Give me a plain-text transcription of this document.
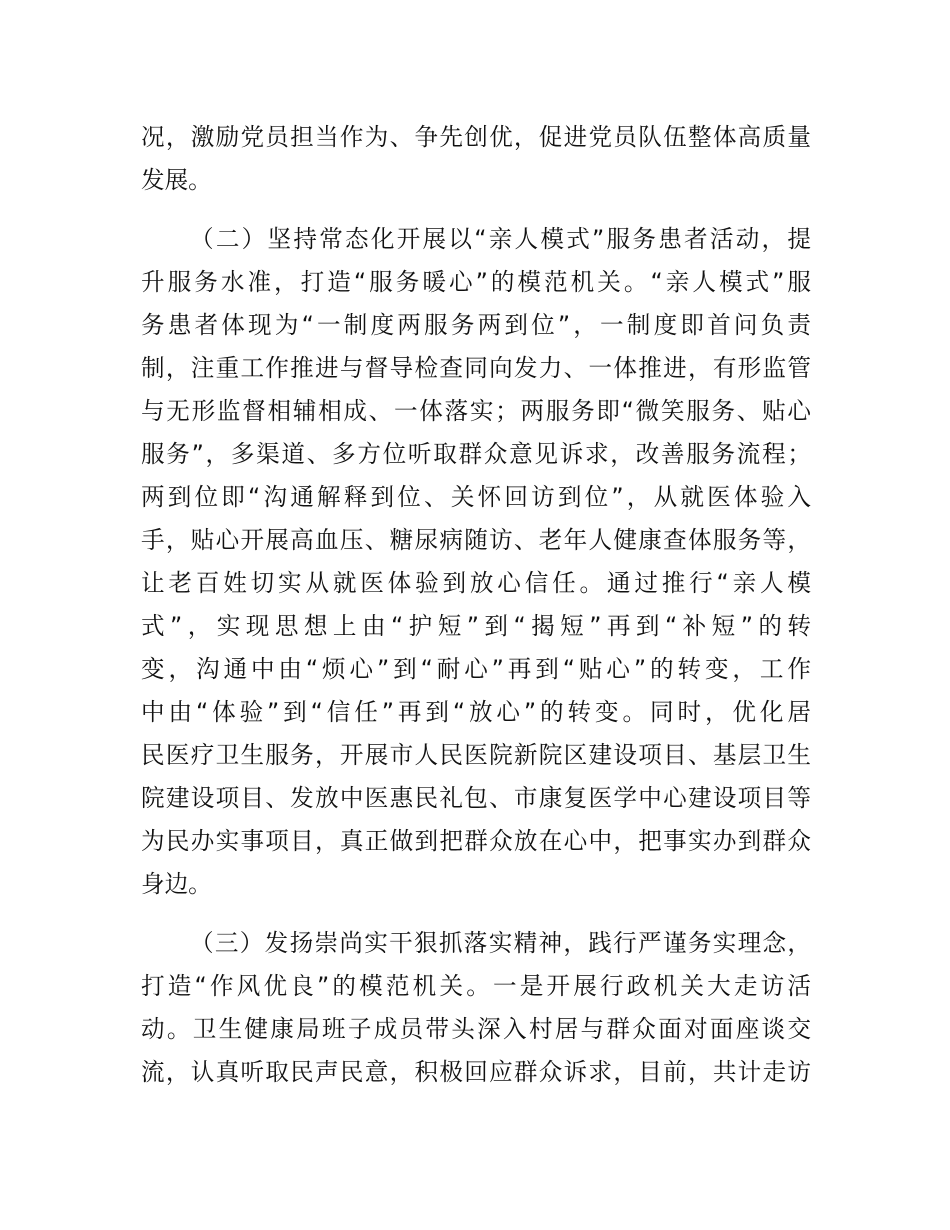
况，激励党员担当作为、争先创优，促进党员队伍整体高质量
发展。
（二）坚持常态化开展以“亲人模式”服务患者活动，提
升服务水准，打造“服务暖心”的模范机关。“亲人模式”服
务患者体现为“一制度两服务两到位”，一制度即首问负责
制，注重工作推进与督导检查同向发力、一体推进，有形监管
与无形监督相辅相成、一体落实；两服务即“微笑服务、贴心
服务”，多渠道、多方位听取群众意见诉求，改善服务流程；
两到位即“沟通解释到位、关怀回访到位”，从就医体验入
手，贴心开展高血压、糖尿病随访、老年人健康查体服务等，
让老百姓切实从就医体验到放心信任。通过推行“亲人模
式”，实现思想上由“护短”到“揭短”再到“补短”的转
变，沟通中由“烦心”到“耐心”再到“贴心”的转变，工作
中由“体验”到“信任”再到“放心”的转变。同时，优化居
民医疗卫生服务，开展市人民医院新院区建设项目、基层卫生
院建设项目、发放中医惠民礼包、市康复医学中心建设项目等
为民办实事项目，真正做到把群众放在心中，把事实办到群众
身边。
（三）发扬崇尚实干狠抓落实精神，践行严谨务实理念，
打造“作风优良”的模范机关。一是开展行政机关大走访活
动。卫生健康局班子成员带头深入村居与群众面对面座谈交
流，认真听取民声民意，积极回应群众诉求，目前，共计走访
